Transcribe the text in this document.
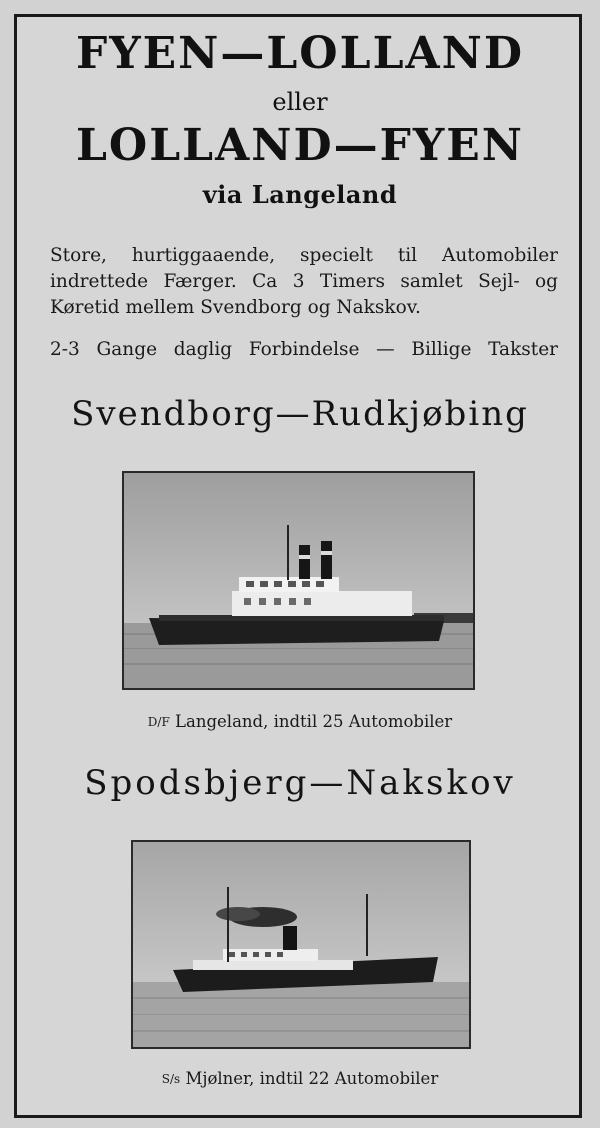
FYEN—LOLLAND
eller
LOLLAND—FYEN
via Langeland
Store, hurtiggaaende, specielt til Automobiler
indrettede Færger. Ca 3 Timers samlet Sejl- og
Køretid mellem Svendborg og Nakskov.
2-3 Gange daglig Forbindelse — Billige Takster
Svendborg—Rudkjøbing
D/F Langeland, indtil 25 Automobiler
Spodsbjerg—Nakskov
S/s Mjølner, indtil 22 Automobiler
